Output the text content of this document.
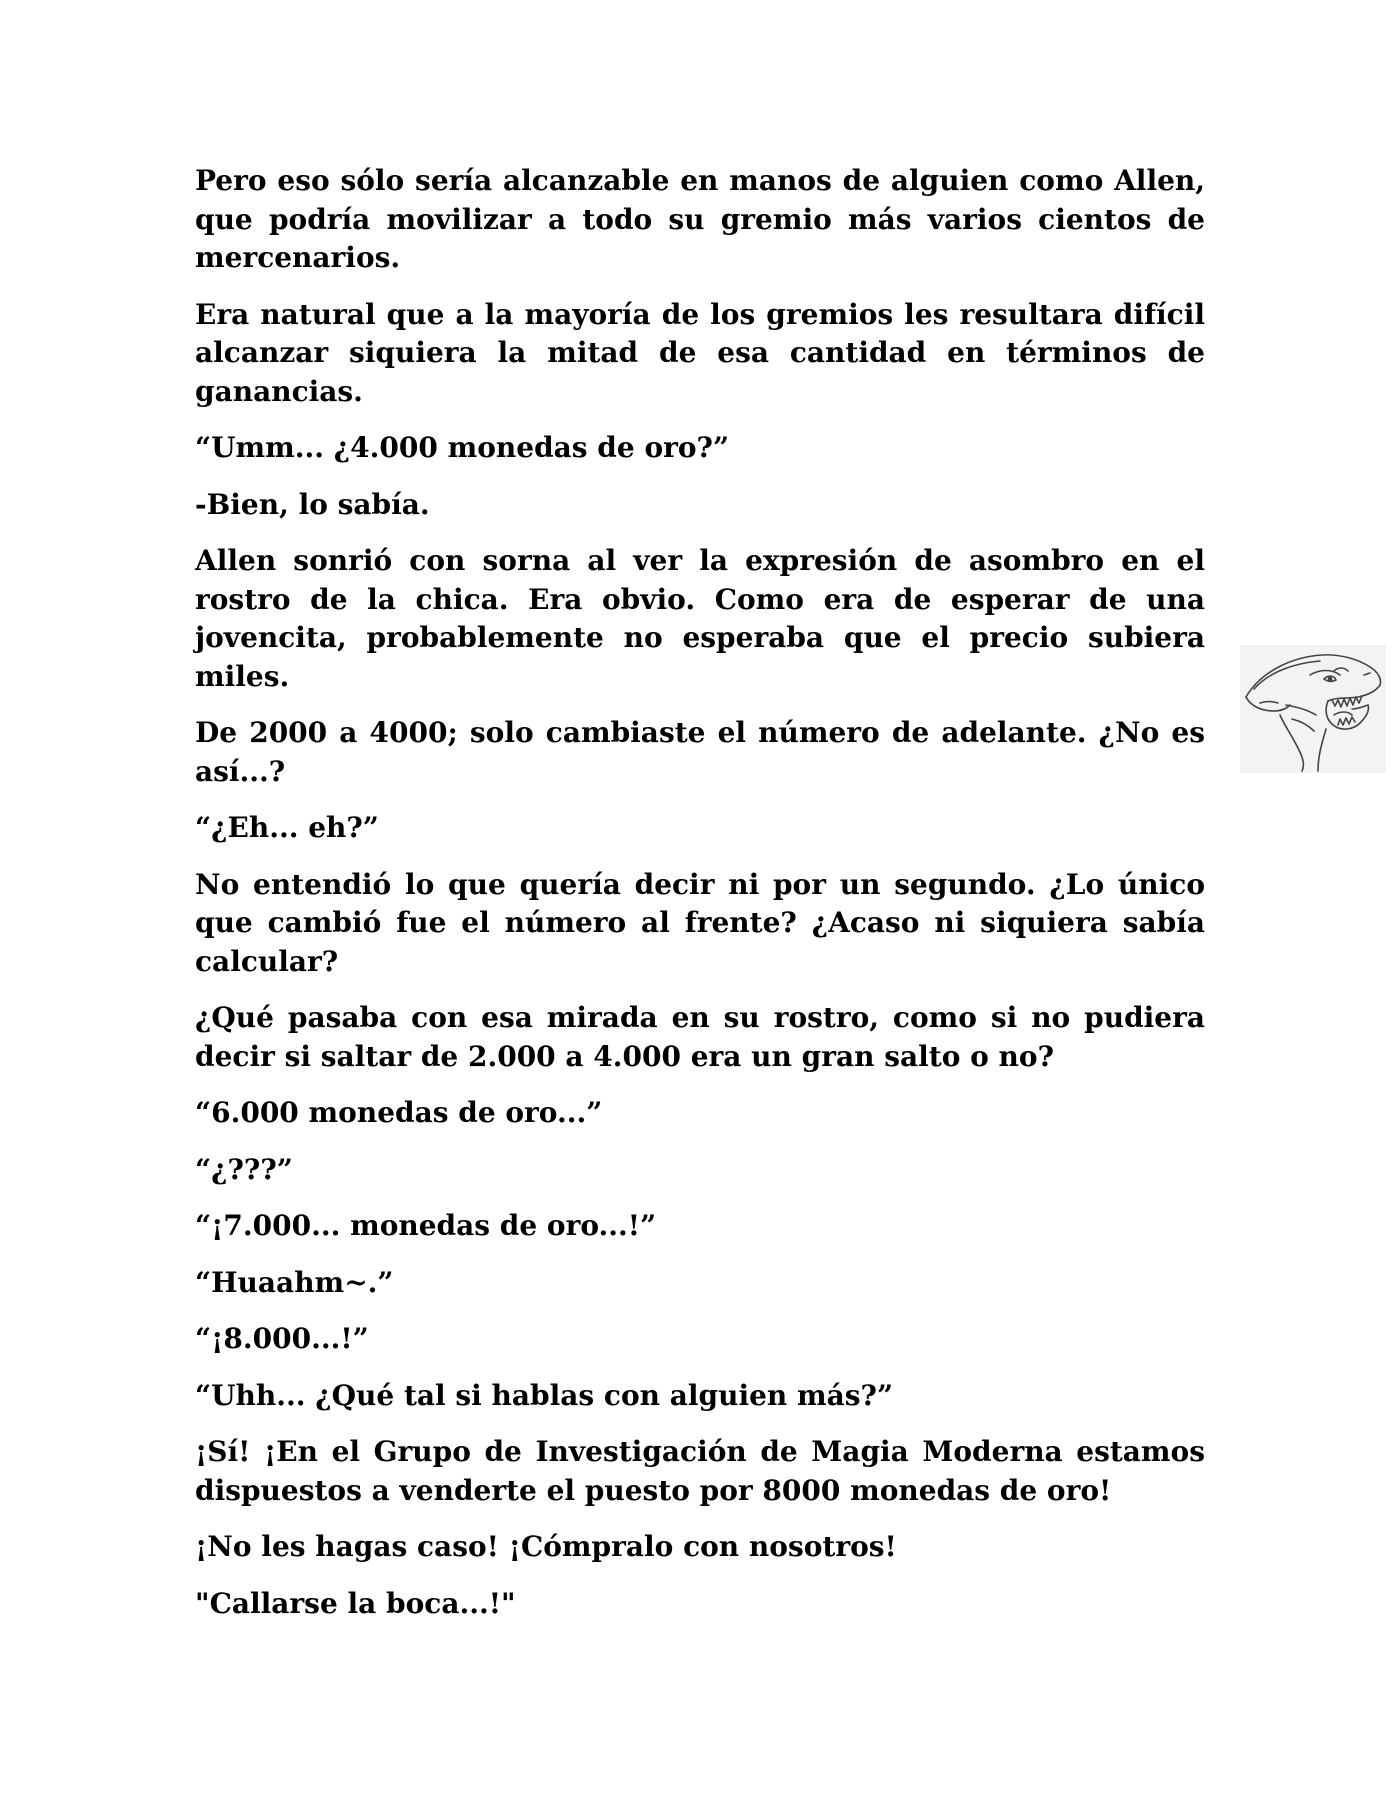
Pero eso sólo sería alcanzable en manos de alguien como Allen, que podría movilizar a todo su gremio más varios cientos de mercenarios.

Era natural que a la mayoría de los gremios les resultara difícil alcanzar siquiera la mitad de esa cantidad en términos de ganancias.

“Umm... ¿4.000 monedas de oro?”

-Bien, lo sabía.

Allen sonrió con sorna al ver la expresión de asombro en el rostro de la chica. Era obvio. Como era de esperar de una jovencita, probablemente no esperaba que el precio subiera miles.

De 2000 a 4000; solo cambiaste el número de adelante. ¿No es así...?

“¿Eh... eh?”

No entendió lo que quería decir ni por un segundo. ¿Lo único que cambió fue el número al frente? ¿Acaso ni siquiera sabía calcular?

¿Qué pasaba con esa mirada en su rostro, como si no pudiera decir si saltar de 2.000 a 4.000 era un gran salto o no?

“6.000 monedas de oro...”

“¿???”

“¡7.000... monedas de oro...!”

“Huaahm~.”

“¡8.000...!”

“Uhh... ¿Qué tal si hablas con alguien más?”

¡Sí! ¡En el Grupo de Investigación de Magia Moderna estamos dispuestos a venderte el puesto por 8000 monedas de oro!

¡No les hagas caso! ¡Cómpralo con nosotros!

"Callarse la boca...!"
